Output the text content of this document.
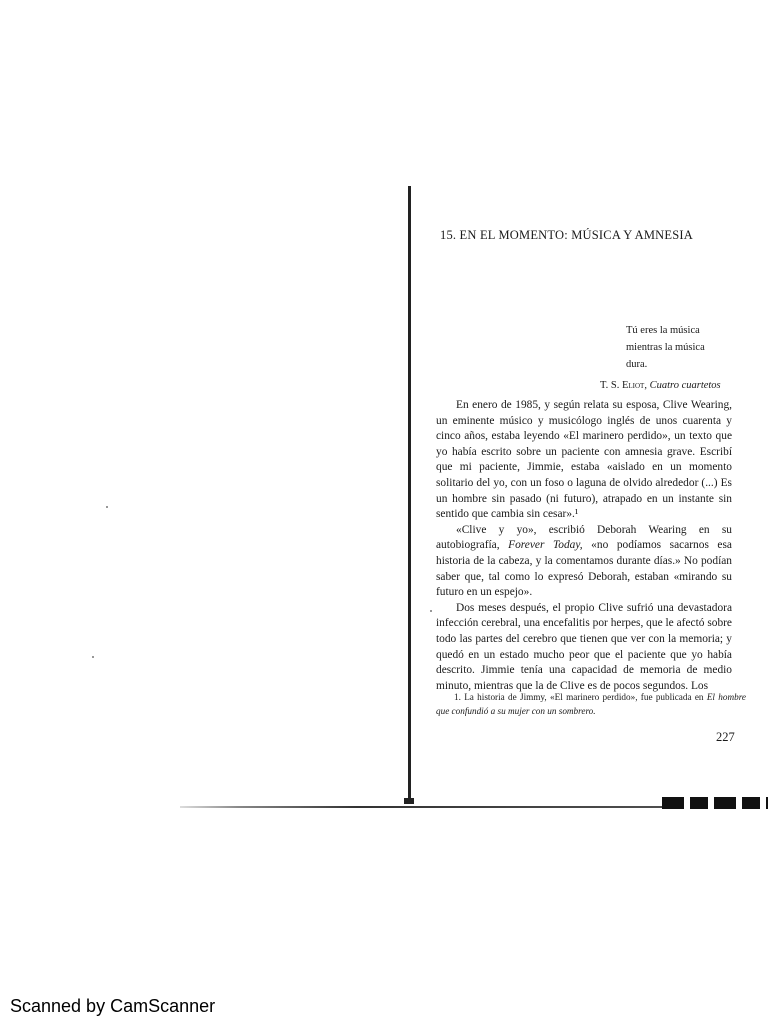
15. EN EL MOMENTO: MÚSICA Y AMNESIA
Tú eres la música
mientras la música dura.
T. S. Eliot, Cuatro cuartetos

En enero de 1985, y según relata su esposa, Clive Wearing, un eminente músico y musicólogo inglés de unos cuarenta y cinco años, estaba leyendo «El marinero perdido», un texto que yo había escrito sobre un paciente con amnesia grave. Escribí que mi paciente, Jimmie, estaba «aislado en un momento solitario del yo, con un foso o laguna de olvido alrededor (...) Es un hombre sin pasado (ni futuro), atrapado en un instante sin sentido que cambia sin cesar».¹

«Clive y yo», escribió Deborah Wearing en su autobiografía, Forever Today, «no podíamos sacarnos esa historia de la cabeza, y la comentamos durante días.» No podían saber que, tal como lo expresó Deborah, estaban «mirando su futuro en un espejo».

Dos meses después, el propio Clive sufrió una devastadora infección cerebral, una encefalitis por herpes, que le afectó sobre todo las partes del cerebro que tienen que ver con la memoria; y quedó en un estado mucho peor que el paciente que yo había descrito. Jimmie tenía una capacidad de memoria de medio minuto, mientras que la de Clive es de pocos segundos. Los

1. La historia de Jimmy, «El marinero perdido», fue publicada en El hombre que confundió a su mujer con un sombrero.

227
Scanned by CamScanner
